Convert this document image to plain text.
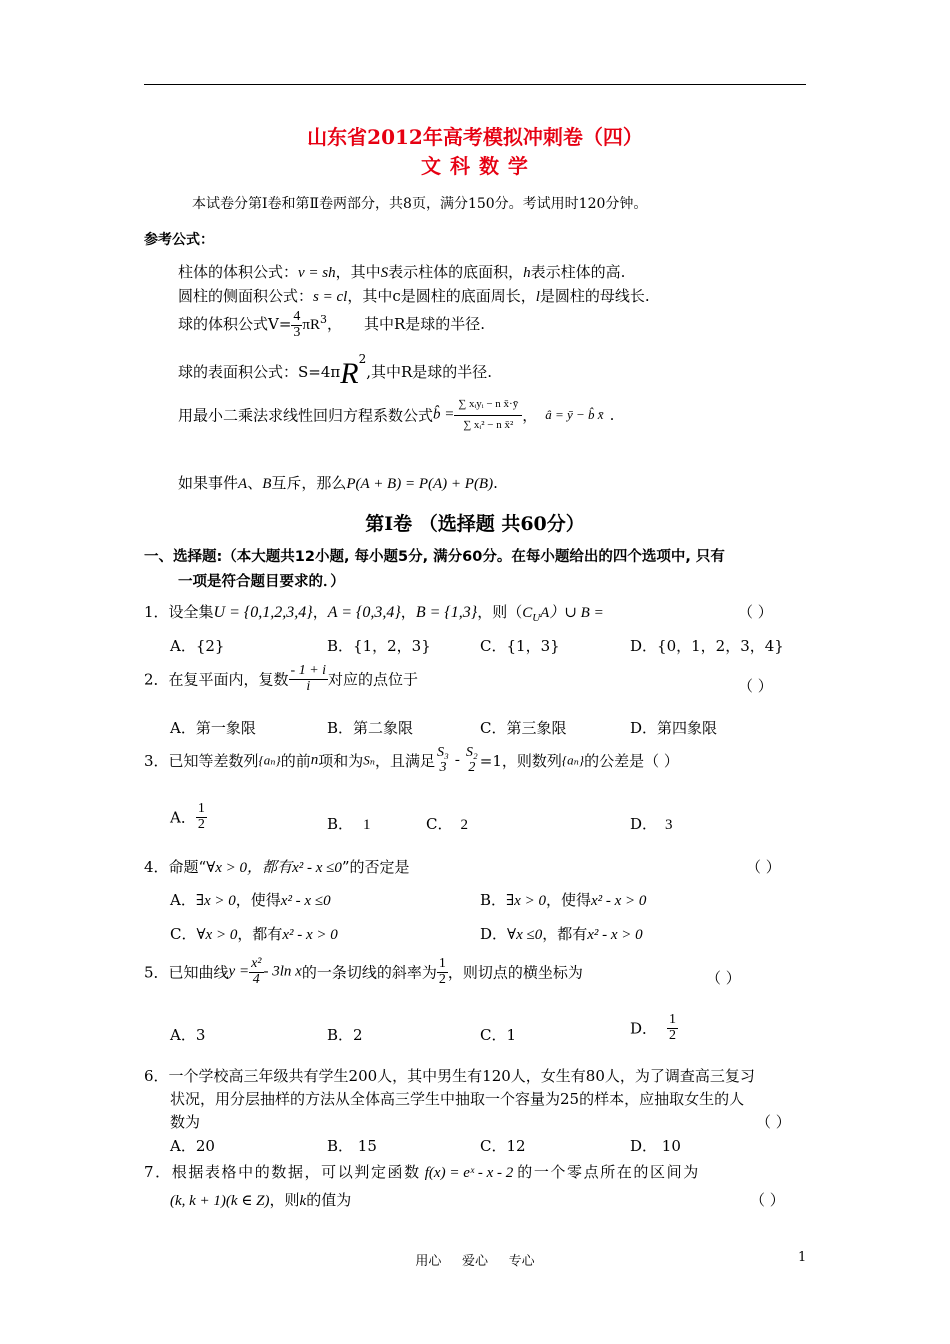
山东省2012年高考模拟冲刺卷（四）
文 科 数 学
本试卷分第Ⅰ卷和第Ⅱ卷两部分，共8页，满分150分。考试用时120分钟。
参考公式：
柱体的体积公式：v = sh，其中S表示柱体的底面积，h表示柱体的高.
圆柱的侧面积公式：s = cl，其中c是圆柱的底面周长，l是圆柱的母线长.
球的体积公式$V= \frac{4}{3} \pi R^3$， 其中R是球的半径.
球的表面积公式：$S=4\pi R^2$,其中R是球的半径.
用最小二乘法求线性回归方程系数公式b̂ = $\frac{\text{∑ xᵢyᵢ − n x̄·ȳ}}{\text{∑ xᵢ² − n x̄²}}$ ， â = ȳ − b̂ x̄ .
如果事件A、B互斥，那么P(A + B) = P(A) + P(B).
第Ⅰ卷 （选择题 共60分）
一、选择题:（本大题共12小题, 每小题5分, 满分60分。在每小题给出的四个选项中, 只有
一项是符合题目要求的．）
1．设全集U = {0,1,2,3,4}，A = {0,3,4}，B = {1,3}，则$(C_UA)\cup$ B =	（ ）
A．{2}	B．{1，2，3}	C．{1，3}	D．{0，1，2，3，4}
2．在复平面内，复数 $\frac{- 1 + i}{i}$ 对应的点位于	（ ）
A．第一象限	B．第二象限	C．第三象限	D．第四象限
3．已知等差数列{aₙ}的前n项和为Sₙ，且满足 S₃
3 - S₂
2 =1，则数列{aₙ}的公差是（ ）
A． $\frac{1}{2}$	B． 1	C． 2	D． 3
4．命题“∀x > 0，都有x² - x ≤0”的否定是	（ ）
A．∃x > 0，使得x² - x ≤0	B．∃x > 0，使得x² - x > 0
C．∀x > 0，都有x² - x > 0	D．∀x ≤0，都有x² - x > 0
5．已知曲线$y = \frac{\text{x²}}{4} - 3\ln$ x的一条切线的斜率为 $\frac{1}{2}$ ，则切点的横坐标为	（ ）
A．3	B．2	C．1	D． $\frac{1}{2}$
6．一个学校高三年级共有学生200人，其中男生有120人，女生有80人，为了调查高三复习
状况，用分层抽样的方法从全体高三学生中抽取一个容量为25的样本，应抽取女生的人
数为	（ ）
A．20	B． 15	C．12	D． 10
7．根据表格中的数据，可以判定函数 f(x) = eˣ - x - 2 的一个零点所在的区间为
(k, k + 1)(k ∈ Z)，则k的值为	（ ）
用心     爱心     专心	1
